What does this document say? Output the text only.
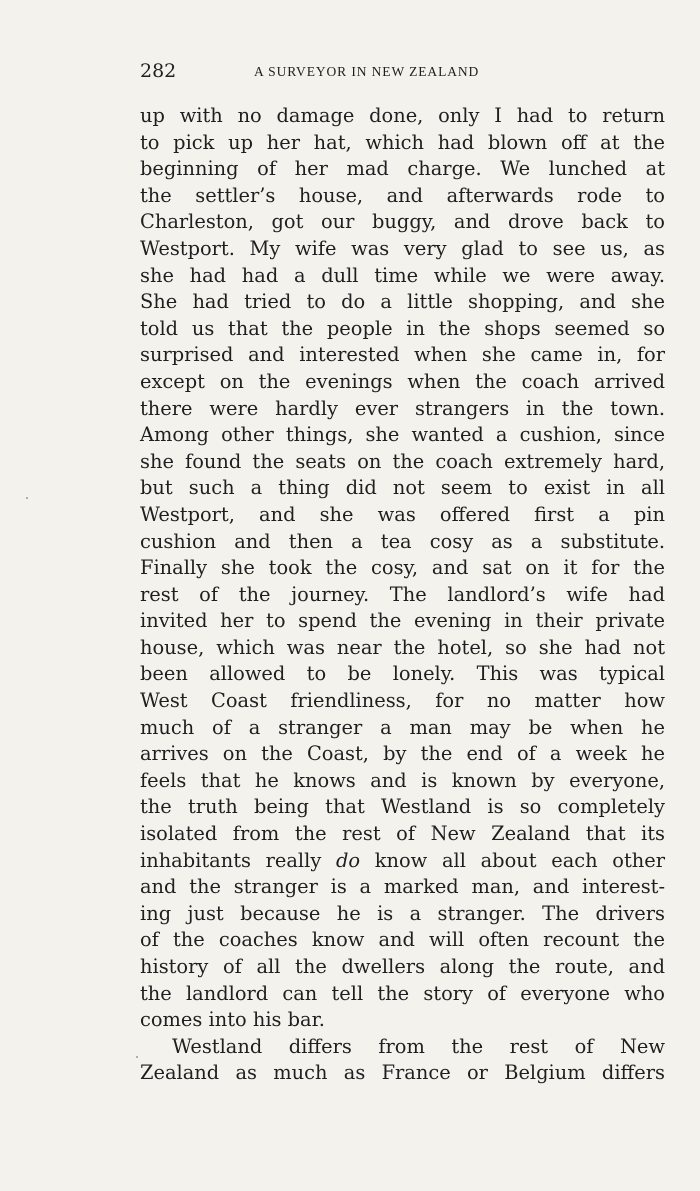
282	A SURVEYOR IN NEW ZEALAND
up with no damage done, only I had to return
to pick up her hat, which had blown off at the
beginning of her mad charge. We lunched at
the settler’s house, and afterwards rode to
Charleston, got our buggy, and drove back to
Westport. My wife was very glad to see us, as
she had had a dull time while we were away.
She had tried to do a little shopping, and she
told us that the people in the shops seemed so
surprised and interested when she came in, for
except on the evenings when the coach arrived
there were hardly ever strangers in the town.
Among other things, she wanted a cushion, since
she found the seats on the coach extremely hard,
but such a thing did not seem to exist in all
Westport, and she was offered first a pin
cushion and then a tea cosy as a substitute.
Finally she took the cosy, and sat on it for the
rest of the journey. The landlord’s wife had
invited her to spend the evening in their private
house, which was near the hotel, so she had not
been allowed to be lonely. This was typical
West Coast friendliness, for no matter how
much of a stranger a man may be when he
arrives on the Coast, by the end of a week he
feels that he knows and is known by everyone,
the truth being that Westland is so completely
isolated from the rest of New Zealand that its
inhabitants really do know all about each other
and the stranger is a marked man, and interest-
ing just because he is a stranger. The drivers
of the coaches know and will often recount the
history of all the dwellers along the route, and
the landlord can tell the story of everyone who
comes into his bar.
Westland differs from the rest of New
Zealand as much as France or Belgium differs
